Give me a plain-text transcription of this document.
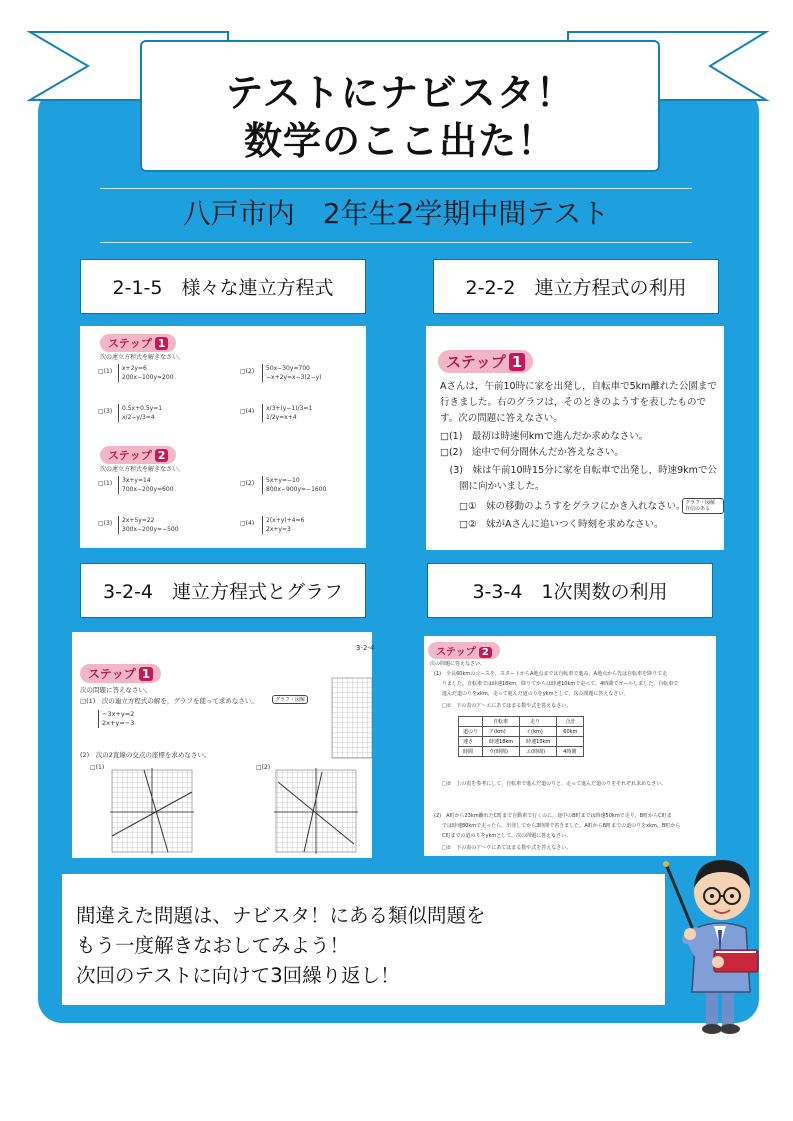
テストにナビスタ！
数学のここ出た！
八戸市内　2年生2学期中間テスト
2-1-5　様々な連立方程式	2-2-2　連立方程式の利用
3-2-4　連立方程式とグラフ	3-3-4　1次関数の利用
ステップ 1
次の連立方程式を解きなさい。
□(1) x+2y=6
200x−100y=200
□(2) 50x−30y=700
−x+2y=x−3(2−y)
□(3) 0.5x+0.5y=1
x/2−y/3=4
□(4) x/3+(y−1)/3=1
1/2y=x+4
ステップ 2
次の連立方程式を解きなさい。
□(1) 3x+y=14
700x−200y=600
□(2) 5x+y=−10
800x−900y=−1600
□(3) 2x+5y=22
300x−200y=−500
□(4) 2(x+y)+4=6
2x+y=3
ステップ 1
Aさんは，午前10時に家を出発し，自転車で5km離れた公園まで
行きました。右のグラフは，そのときのようすを表したもので
す。次の問題に答えなさい。
□(1)　最初は時速何kmで進んだか求めなさい。
□(2)　途中で何分間休んだか答えなさい。
　(3)　妹は午前10時15分に家を自転車で出発し，時速9kmで公
　　園に向かいました。
　　□①　妹の移動のようすをグラフにかき入れなさい。
　　□②　妹がAさんに追いつく時刻を求めなさい。
グラフ・図解 自信のある
3-2-4
ステップ 1
次の問題に答えなさい。
□(1)　次の連立方程式の解を，グラフを使って求めなさい。	グラフ・図解
−3x+y=2
2x+y=−3
(2)　次の2直線の交点の座標を求めなさい。
□(1)	□(2)
ステップ 2
次の問題に答えなさい。
(1)　全長60kmのコースを，スタートからA地点までは自転車で進み，A地点から先は自転車を降りて走
りました。自転車では時速18km，降りてからは時速10kmで走って，4時間でゴールしました。自転車で
進んだ道のりをxkm，走って進んだ道のりをykmとして，次の問題に答えなさい。
□①　下の表のア〜エにあてはまる数や式を答えなさい。
	自転車	走り	合計
道のり	ア(km)	イ(km)	60km
速さ	時速18km	時速10km	
時間	ウ(時間)	エ(時間)	4時間
□②　上の表を参考にして，自転車で進んだ道のりと，走って進んだ道のりをそれぞれ求めなさい。
(2)　A町から23km離れたC町まで自動車で行くのに，途中のB町までは時速50kmで走り，B町からC町ま
では時速80kmで走ったら，出発してから3時間で着きました。A町からB町までの道のりをxkm，B町から
C町までの道のりをykmとして，次の問題に答えなさい。
□①　下の表のア〜ウにあてはまる数や式を答えなさい。
間違えた問題は、ナビスタ！にある類似問題を
もう一度解きなおしてみよう！
次回のテストに向けて3回繰り返し！
